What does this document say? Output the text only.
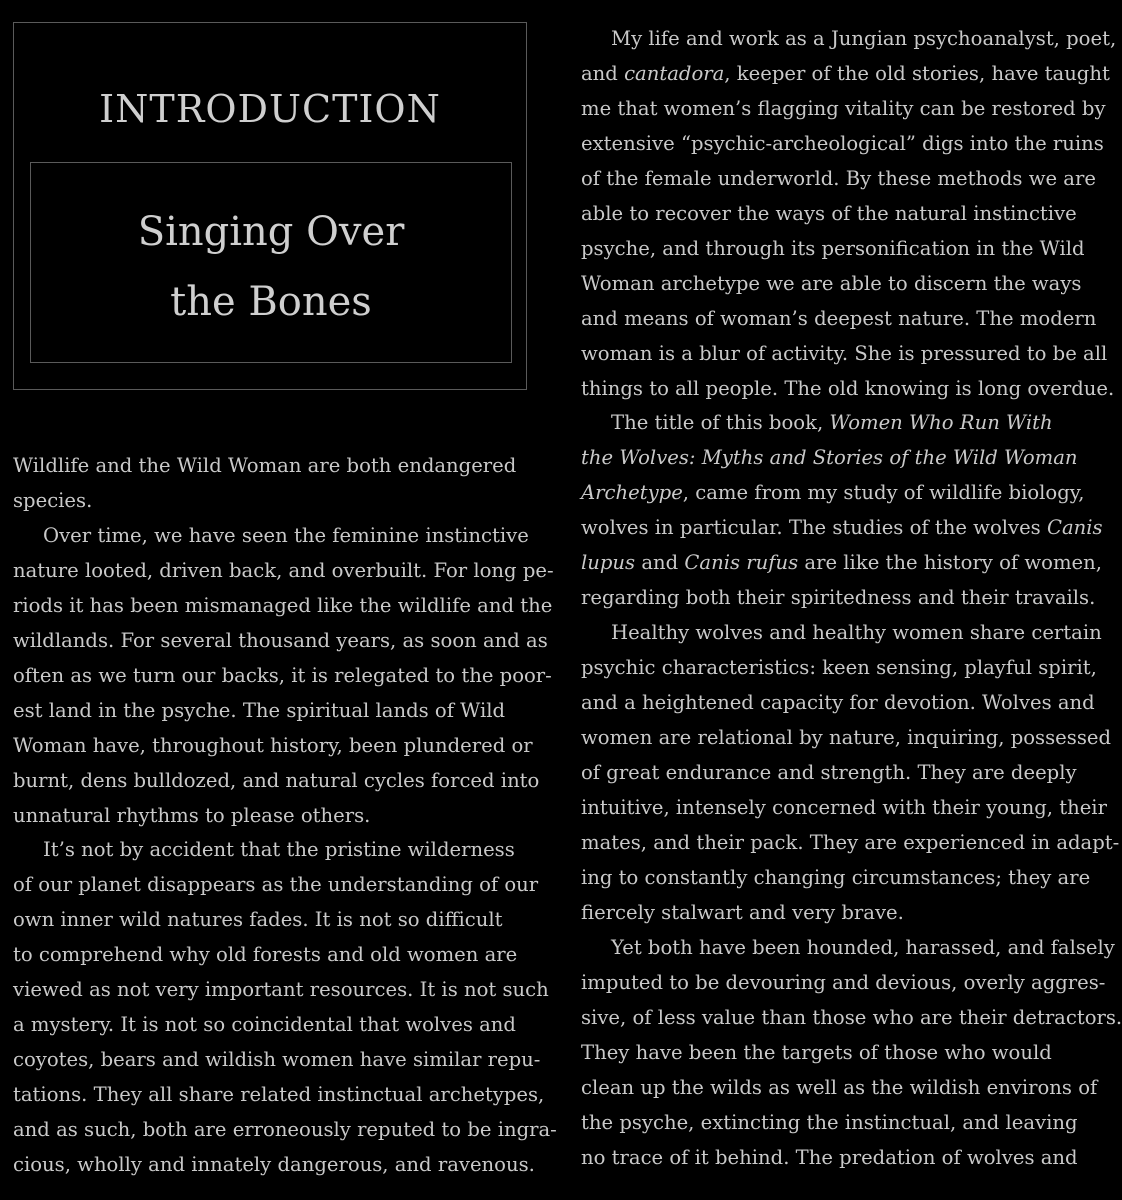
INTRODUCTION
Singing Over
the Bones
Wildlife and the Wild Woman are both endangered
species.
Over time, we have seen the feminine instinctive
nature looted, driven back, and overbuilt. For long pe-
riods it has been mismanaged like the wildlife and the
wildlands. For several thousand years, as soon and as
often as we turn our backs, it is relegated to the poor-
est land in the psyche. The spiritual lands of Wild
Woman have, throughout history, been plundered or
burnt, dens bulldozed, and natural cycles forced into
unnatural rhythms to please others.
It’s not by accident that the pristine wilderness
of our planet disappears as the understanding of our
own inner wild natures fades. It is not so difficult
to comprehend why old forests and old women are
viewed as not very important resources. It is not such
a mystery. It is not so coincidental that wolves and
coyotes, bears and wildish women have similar repu-
tations. They all share related instinctual archetypes,
and as such, both are erroneously reputed to be ingra-
cious, wholly and innately dangerous, and ravenous.
My life and work as a Jungian psychoanalyst, poet,
and cantadora, keeper of the old stories, have taught
me that women’s flagging vitality can be restored by
extensive “psychic-archeological” digs into the ruins
of the female underworld. By these methods we are
able to recover the ways of the natural instinctive
psyche, and through its personification in the Wild
Woman archetype we are able to discern the ways
and means of woman’s deepest nature. The modern
woman is a blur of activity. She is pressured to be all
things to all people. The old knowing is long overdue.
The title of this book, Women Who Run With
the Wolves: Myths and Stories of the Wild Woman
Archetype, came from my study of wildlife biology,
wolves in particular. The studies of the wolves Canis
lupus and Canis rufus are like the history of women,
regarding both their spiritedness and their travails.
Healthy wolves and healthy women share certain
psychic characteristics: keen sensing, playful spirit,
and a heightened capacity for devotion. Wolves and
women are relational by nature, inquiring, possessed
of great endurance and strength. They are deeply
intuitive, intensely concerned with their young, their
mates, and their pack. They are experienced in adapt-
ing to constantly changing circumstances; they are
fiercely stalwart and very brave.
Yet both have been hounded, harassed, and falsely
imputed to be devouring and devious, overly aggres-
sive, of less value than those who are their detractors.
They have been the targets of those who would
clean up the wilds as well as the wildish environs of
the psyche, extincting the instinctual, and leaving
no trace of it behind. The predation of wolves and
